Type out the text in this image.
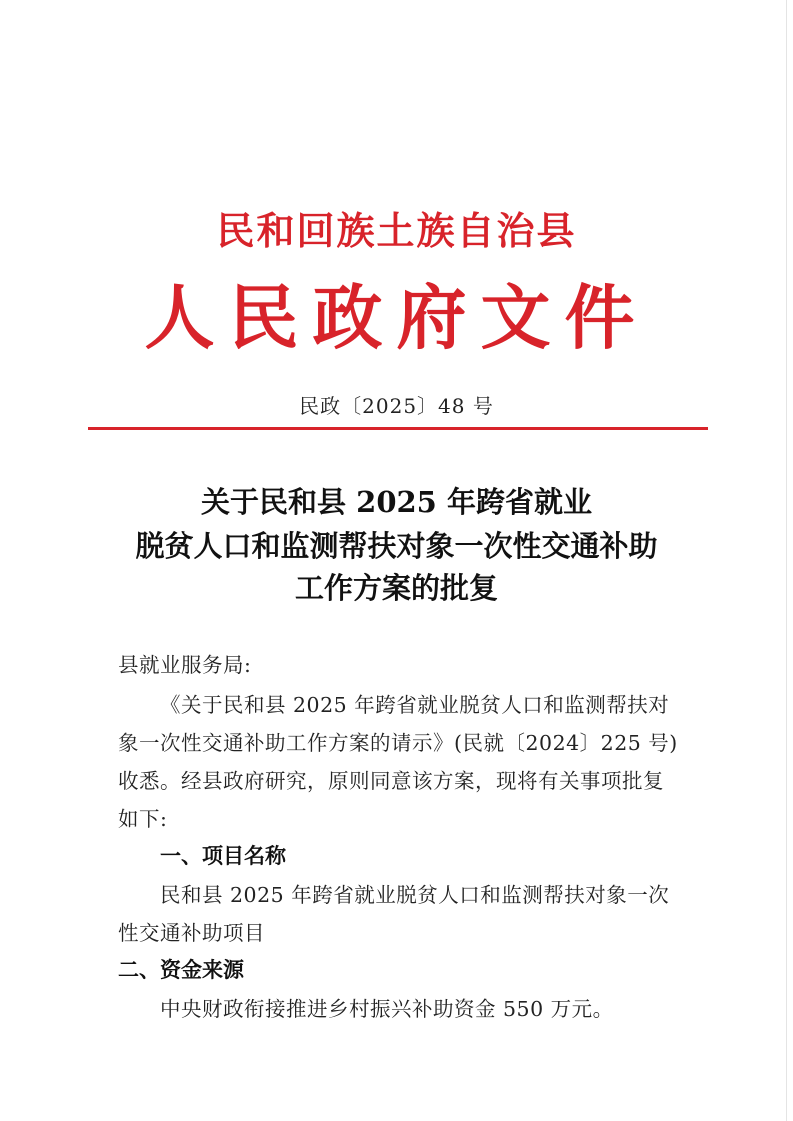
民和回族土族自治县
人民政府文件
民政〔2025〕48 号
关于民和县 2025 年跨省就业
脱贫人口和监测帮扶对象一次性交通补助
工作方案的批复
县就业服务局:
《关于民和县 2025 年跨省就业脱贫人口和监测帮扶对
象一次性交通补助工作方案的请示》(民就〔2024〕225 号)
收悉。经县政府研究，原则同意该方案，现将有关事项批复
如下:
一、项目名称
民和县 2025 年跨省就业脱贫人口和监测帮扶对象一次
性交通补助项目
二、资金来源
中央财政衔接推进乡村振兴补助资金 550 万元。
